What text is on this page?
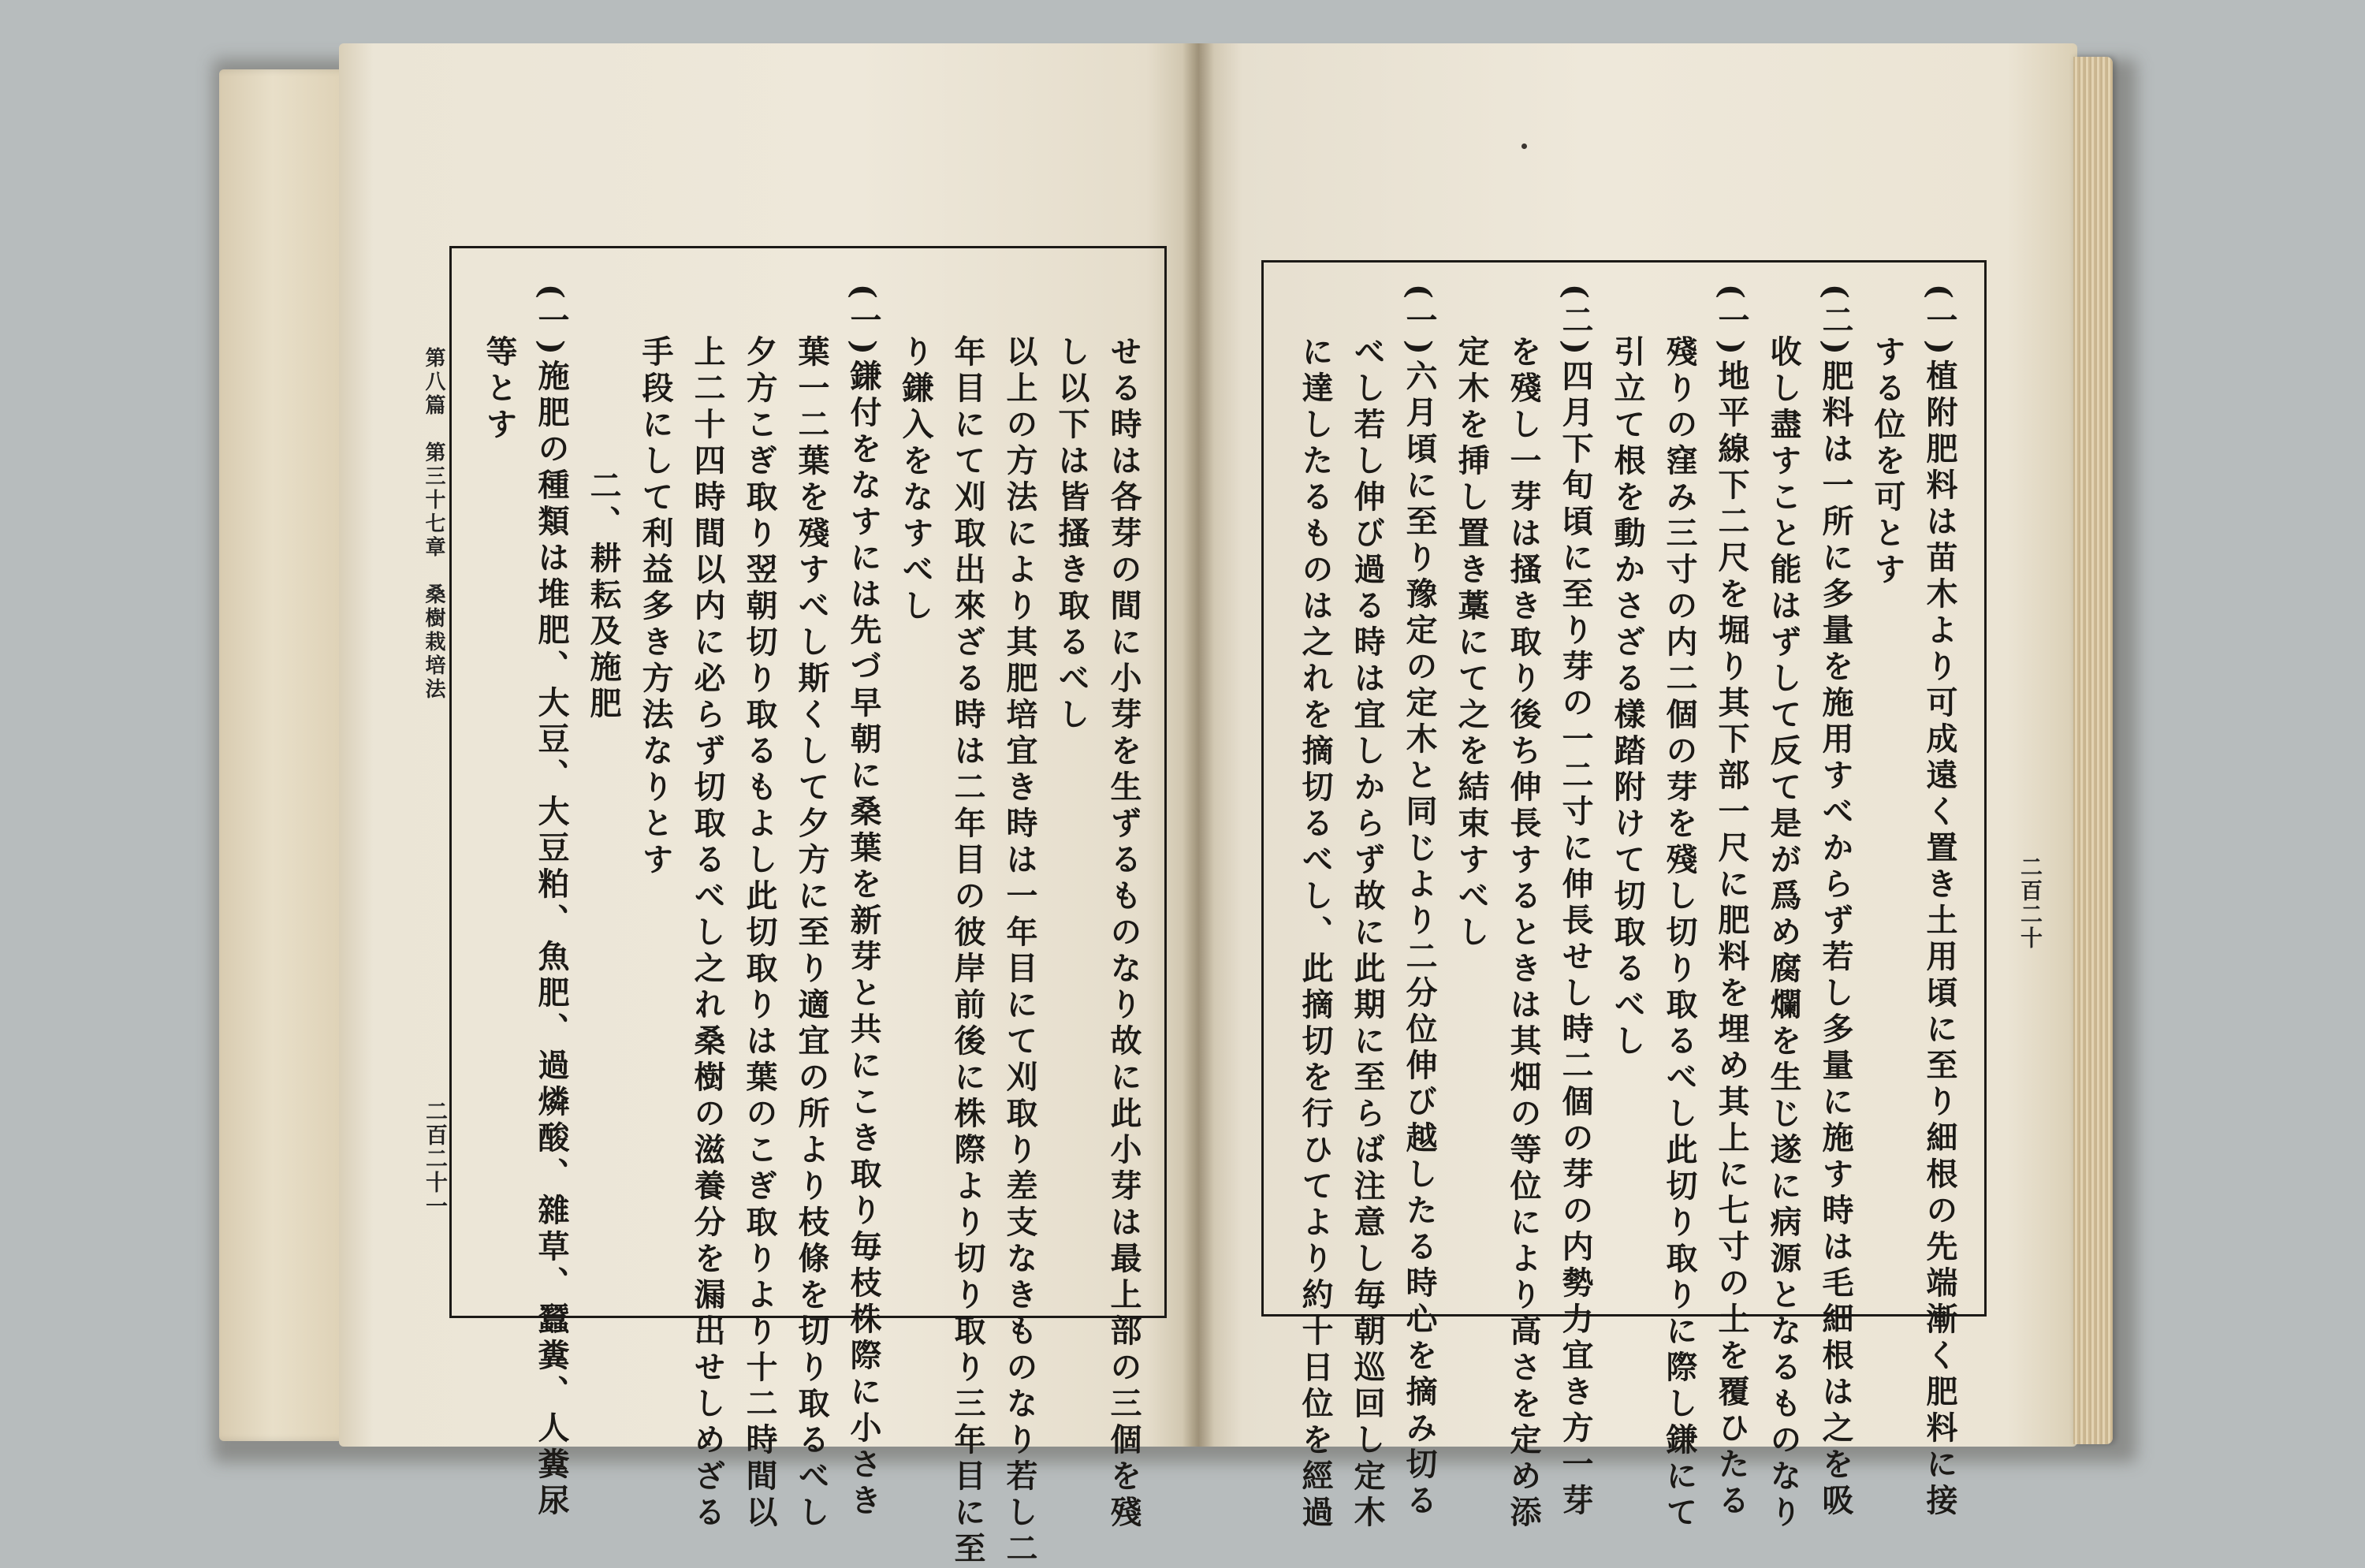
第八篇　第三十七章　桑樹栽培法
二百二十一	せる時は各芽の間に小芽を生ずるものなり故に此小芽は最上部の三個を殘
し以下は皆搔き取るべし
以上の方法により其肥培宜き時は一年目にて刈取り差支なきものなり若し二
年目にて刈取出來ざる時は二年目の彼岸前後に株際より切り取り三年目に至
り鎌入をなすべし
(一)鎌付をなすには先づ早朝に桑葉を新芽と共にこき取り毎枝株際に小さき
葉一二葉を殘すべし斯くして夕方に至り適宜の所より枝條を切り取るべし
夕方こぎ取り翌朝切り取るもよし此切取りは葉のこぎ取りより十二時間以
上二十四時間以内に必らず切取るべし之れ桑樹の滋養分を漏出せしめざる
手段にして利益多き方法なりとす
二、耕耘及施肥
(一)施肥の種類は堆肥、大豆、大豆粕、魚肥、過燐酸、雜草、蠶糞、人糞尿
等とす
二百二十
(一)植附肥料は苗木より可成遠く置き土用頃に至り細根の先端漸く肥料に接
する位を可とす
(二)肥料は一所に多量を施用すべからず若し多量に施す時は毛細根は之を吸
收し盡すこと能はずして反て是が爲め腐爛を生じ遂に病源となるものなり
(一)地平線下二尺を堀り其下部一尺に肥料を埋め其上に七寸の土を覆ひたる
殘りの窪み三寸の内二個の芽を殘し切り取るべし此切り取りに際し鎌にて
引立て根を動かさざる樣踏附けて切取るべし
(二)四月下旬頃に至り芽の一二寸に伸長せし時二個の芽の内勢力宜き方一芽
を殘し一芽は搔き取り後ち伸長するときは其畑の等位により高さを定め添
定木を挿し置き藁にて之を結束すべし
(一)六月頃に至り豫定の定木と同じより二分位伸び越したる時心を摘み切る
べし若し伸び過る時は宜しからず故に此期に至らば注意し毎朝巡回し定木
に達したるものは之れを摘切るべし、此摘切を行ひてより約十日位を經過
